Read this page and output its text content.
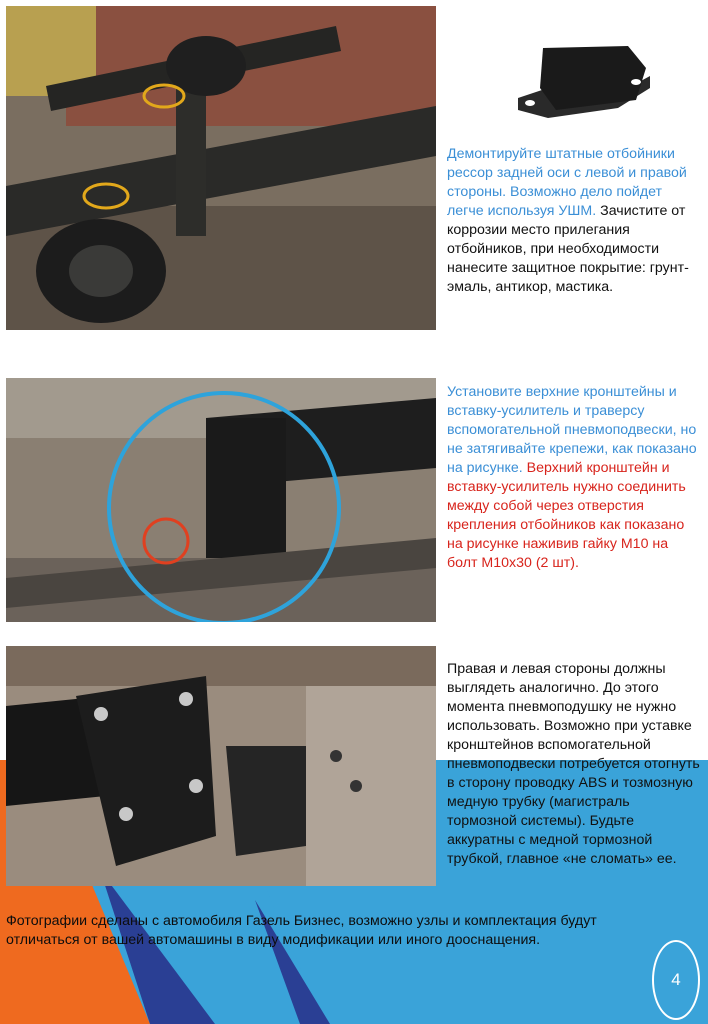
Демонтируйте штатные отбойники рессор задней оси с левой и правой стороны. Возможно дело пойдет легче используя УШМ. Зачистите от коррозии место прилегания отбойников, при необходимости нанесите защитное покрытие: грунт-эмаль, антикор, мастика.
Установите верхние кронштейны и вставку-усилитель и траверсу вспомогательной пневмоподвески, но не затягивайте крепежи, как показано на рисунке. Верхний кронштейн и вставку-усилитель нужно соединить между собой через отверстия крепления отбойников как показано на рисунке наживив гайку М10 на болт М10х30 (2 шт).
Правая и левая стороны должны выглядеть аналогично. До этого момента пневмоподушку не нужно использовать. Возможно при уставке кронштейнов вспомогательной пневмоподвески потребуется отогнуть в сторону проводку ABS и тозмозную медную трубку (магистраль тормозной системы). Будьте аккуратны с медной тормозной трубкой, главное «не сломать» ее.
Фотографии сделаны с автомобиля Газель Бизнес, возможно узлы и комплектация будут отличаться от вашей автомашины в виду модификации или иного дооснащения.
4
